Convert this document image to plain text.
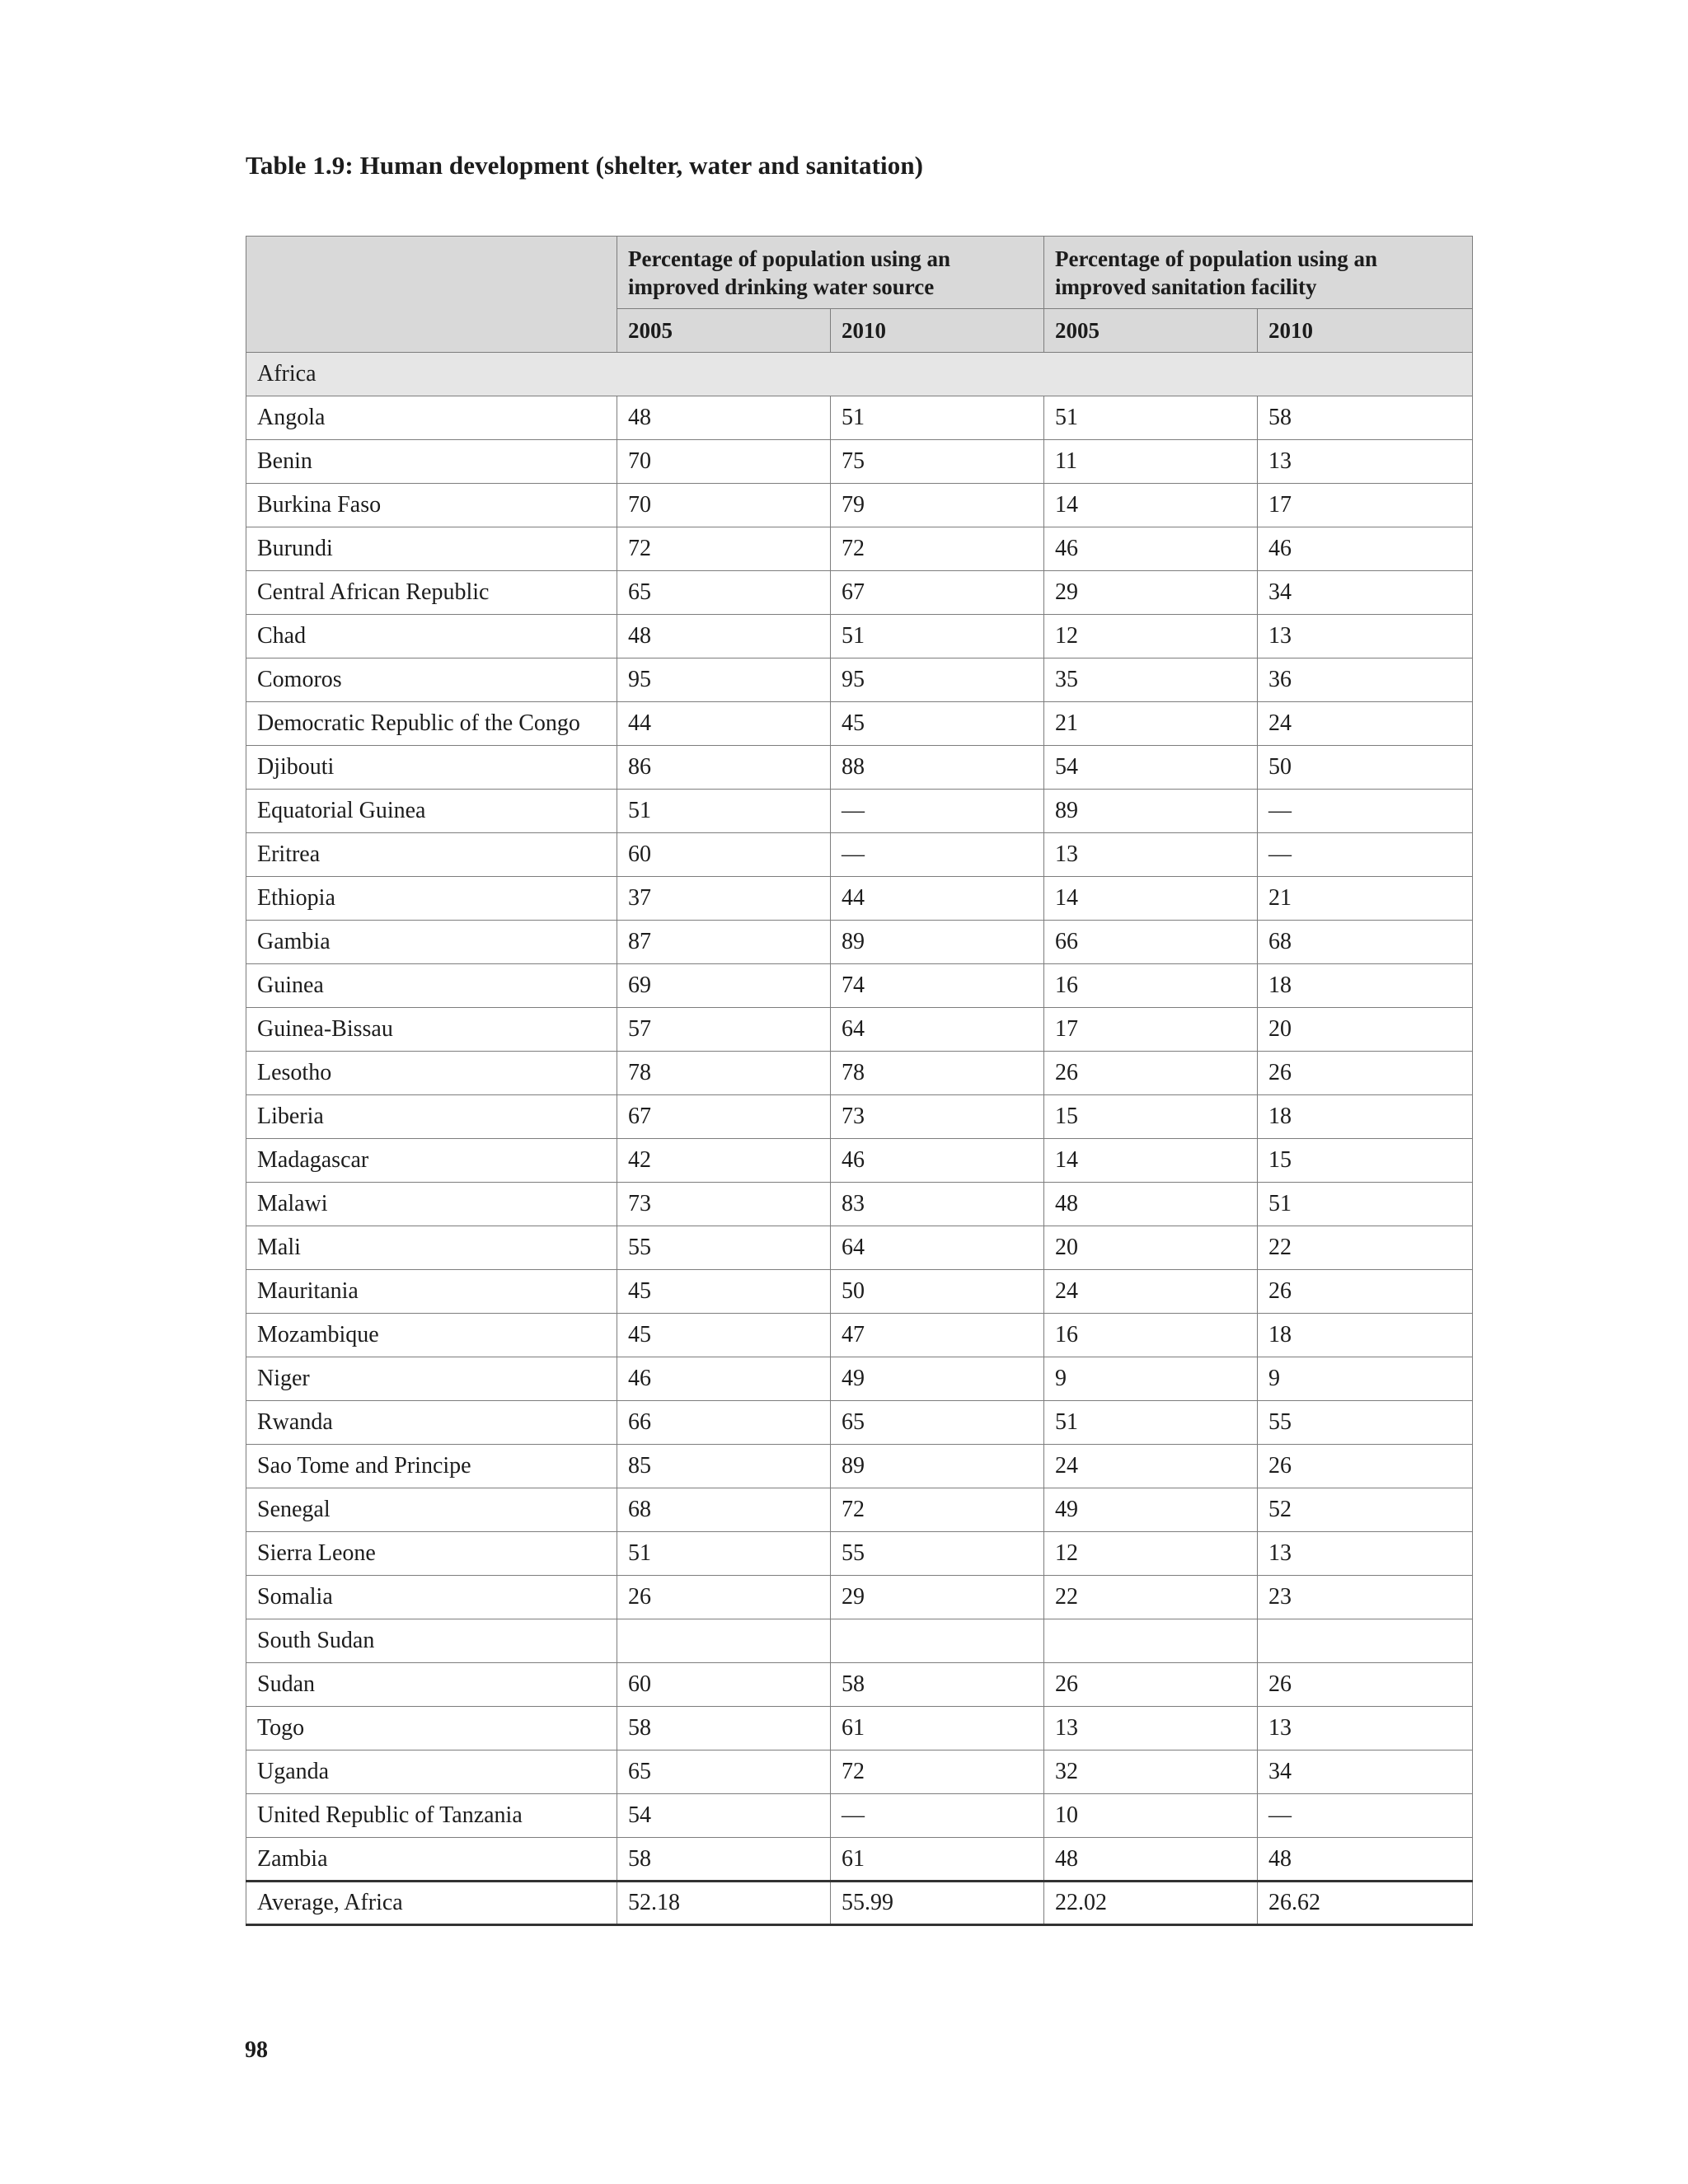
Table 1.9: Human development (shelter, water and sanitation)
	Percentage of population using an improved drinking water source		Percentage of population using an improved sanitation facility	
	2005	2010	2005	2010
Africa				
Angola	48	51	51	58
Benin	70	75	11	13
Burkina Faso	70	79	14	17
Burundi	72	72	46	46
Central African Republic	65	67	29	34
Chad	48	51	12	13
Comoros	95	95	35	36
Democratic Republic of the Congo	44	45	21	24
Djibouti	86	88	54	50
Equatorial Guinea	51	—	89	—
Eritrea	60	—	13	—
Ethiopia	37	44	14	21
Gambia	87	89	66	68
Guinea	69	74	16	18
Guinea-Bissau	57	64	17	20
Lesotho	78	78	26	26
Liberia	67	73	15	18
Madagascar	42	46	14	15
Malawi	73	83	48	51
Mali	55	64	20	22
Mauritania	45	50	24	26
Mozambique	45	47	16	18
Niger	46	49	9	9
Rwanda	66	65	51	55
Sao Tome and Principe	85	89	24	26
Senegal	68	72	49	52
Sierra Leone	51	55	12	13
Somalia	26	29	22	23
South Sudan				
Sudan	60	58	26	26
Togo	58	61	13	13
Uganda	65	72	32	34
United Republic of Tanzania	54	—	10	—
Zambia	58	61	48	48
Average, Africa	52.18	55.99	22.02	26.62
98
